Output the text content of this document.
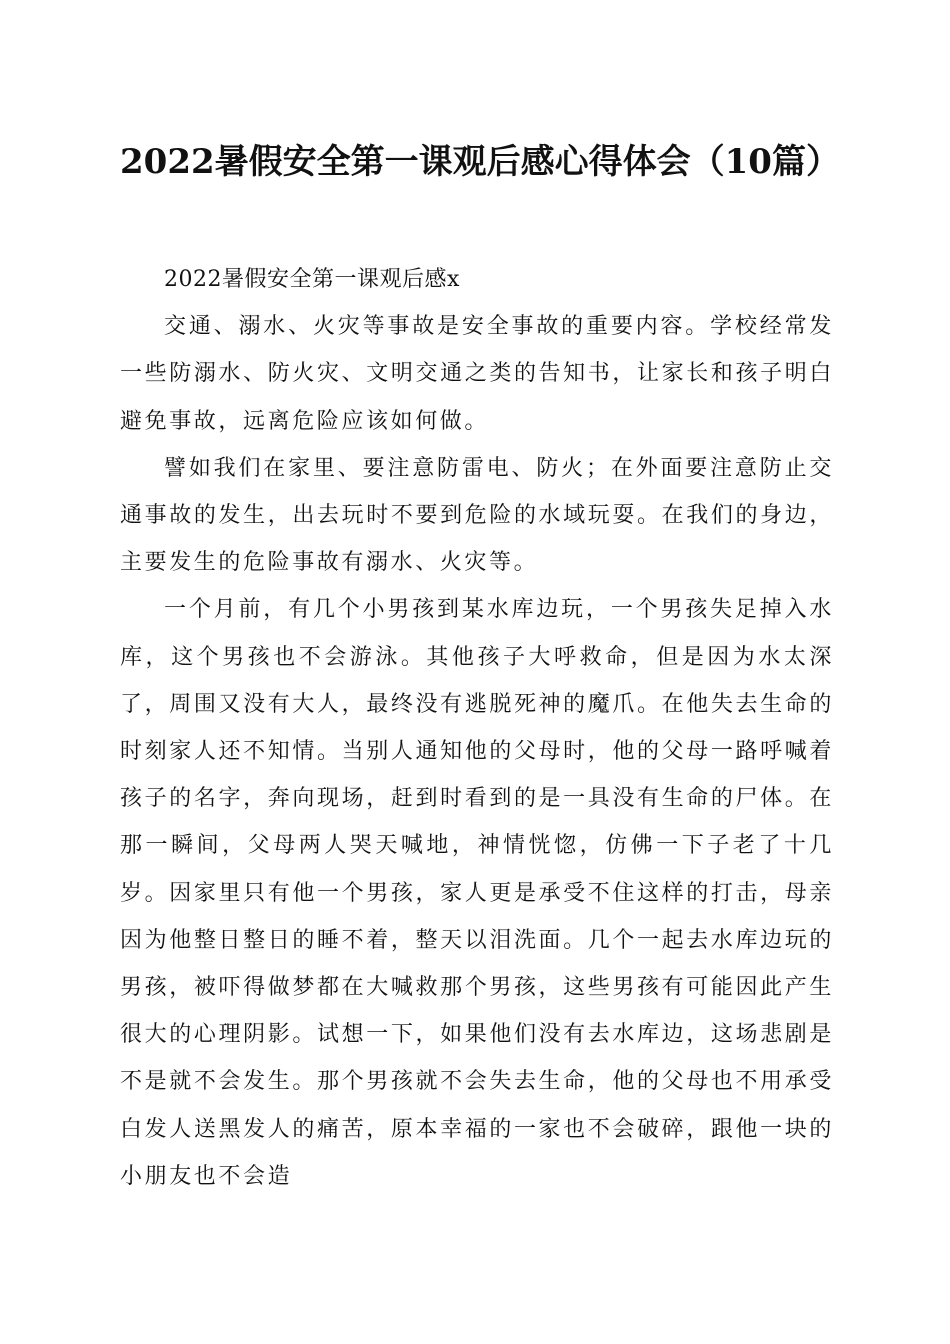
2022暑假安全第一课观后感心得体会（10篇）

2022暑假安全第一课观后感x

交通、溺水、火灾等事故是安全事故的重要内容。学校经常发一些防溺水、防火灾、文明交通之类的告知书，让家长和孩子明白避免事故，远离危险应该如何做。

譬如我们在家里、要注意防雷电、防火；在外面要注意防止交通事故的发生，出去玩时不要到危险的水域玩耍。在我们的身边，主要发生的危险事故有溺水、火灾等。

一个月前，有几个小男孩到某水库边玩，一个男孩失足掉入水库，这个男孩也不会游泳。其他孩子大呼救命，但是因为水太深了，周围又没有大人，最终没有逃脱死神的魔爪。在他失去生命的时刻家人还不知情。当别人通知他的父母时，他的父母一路呼喊着孩子的名字，奔向现场，赶到时看到的是一具没有生命的尸体。在那一瞬间，父母两人哭天喊地，神情恍惚，仿佛一下子老了十几岁。因家里只有他一个男孩，家人更是承受不住这样的打击，母亲因为他整日整日的睡不着，整天以泪洗面。几个一起去水库边玩的男孩，被吓得做梦都在大喊救那个男孩，这些男孩有可能因此产生很大的心理阴影。试想一下，如果他们没有去水库边，这场悲剧是不是就不会发生。那个男孩就不会失去生命，他的父母也不用承受白发人送黑发人的痛苦，原本幸福的一家也不会破碎，跟他一块的小朋友也不会造
